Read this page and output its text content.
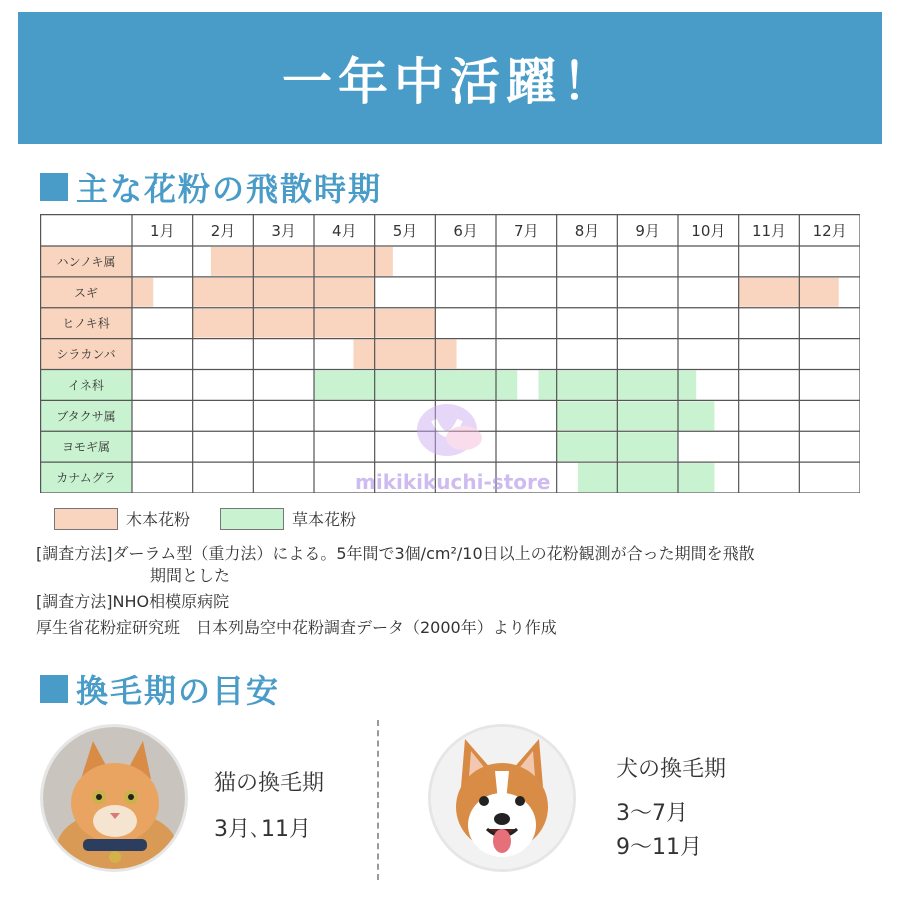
一年中活躍！
主な花粉の飛散時期
1月 2月 3月 4月 5月 6月 7月 8月 9月 10月 11月 12月
ハンノキ属
スギ
ヒノキ科
シラカンバ
イネ科
ブタクサ属
ヨモギ属
カナムグラ	mikikikuchi-store
木本花粉	草本花粉

[調査方法]ダーラム型（重力法）による。5年間で3個/cm²/10日以上の花粉観測が合った期間を飛散

期間とした

[調査方法]NHO相模原病院

厚生省花粉症研究班　日本列島空中花粉調査データ（2000年）より作成

換毛期の目安
猫の換毛期
3月､11月
犬の換毛期
3～7月
9～11月
